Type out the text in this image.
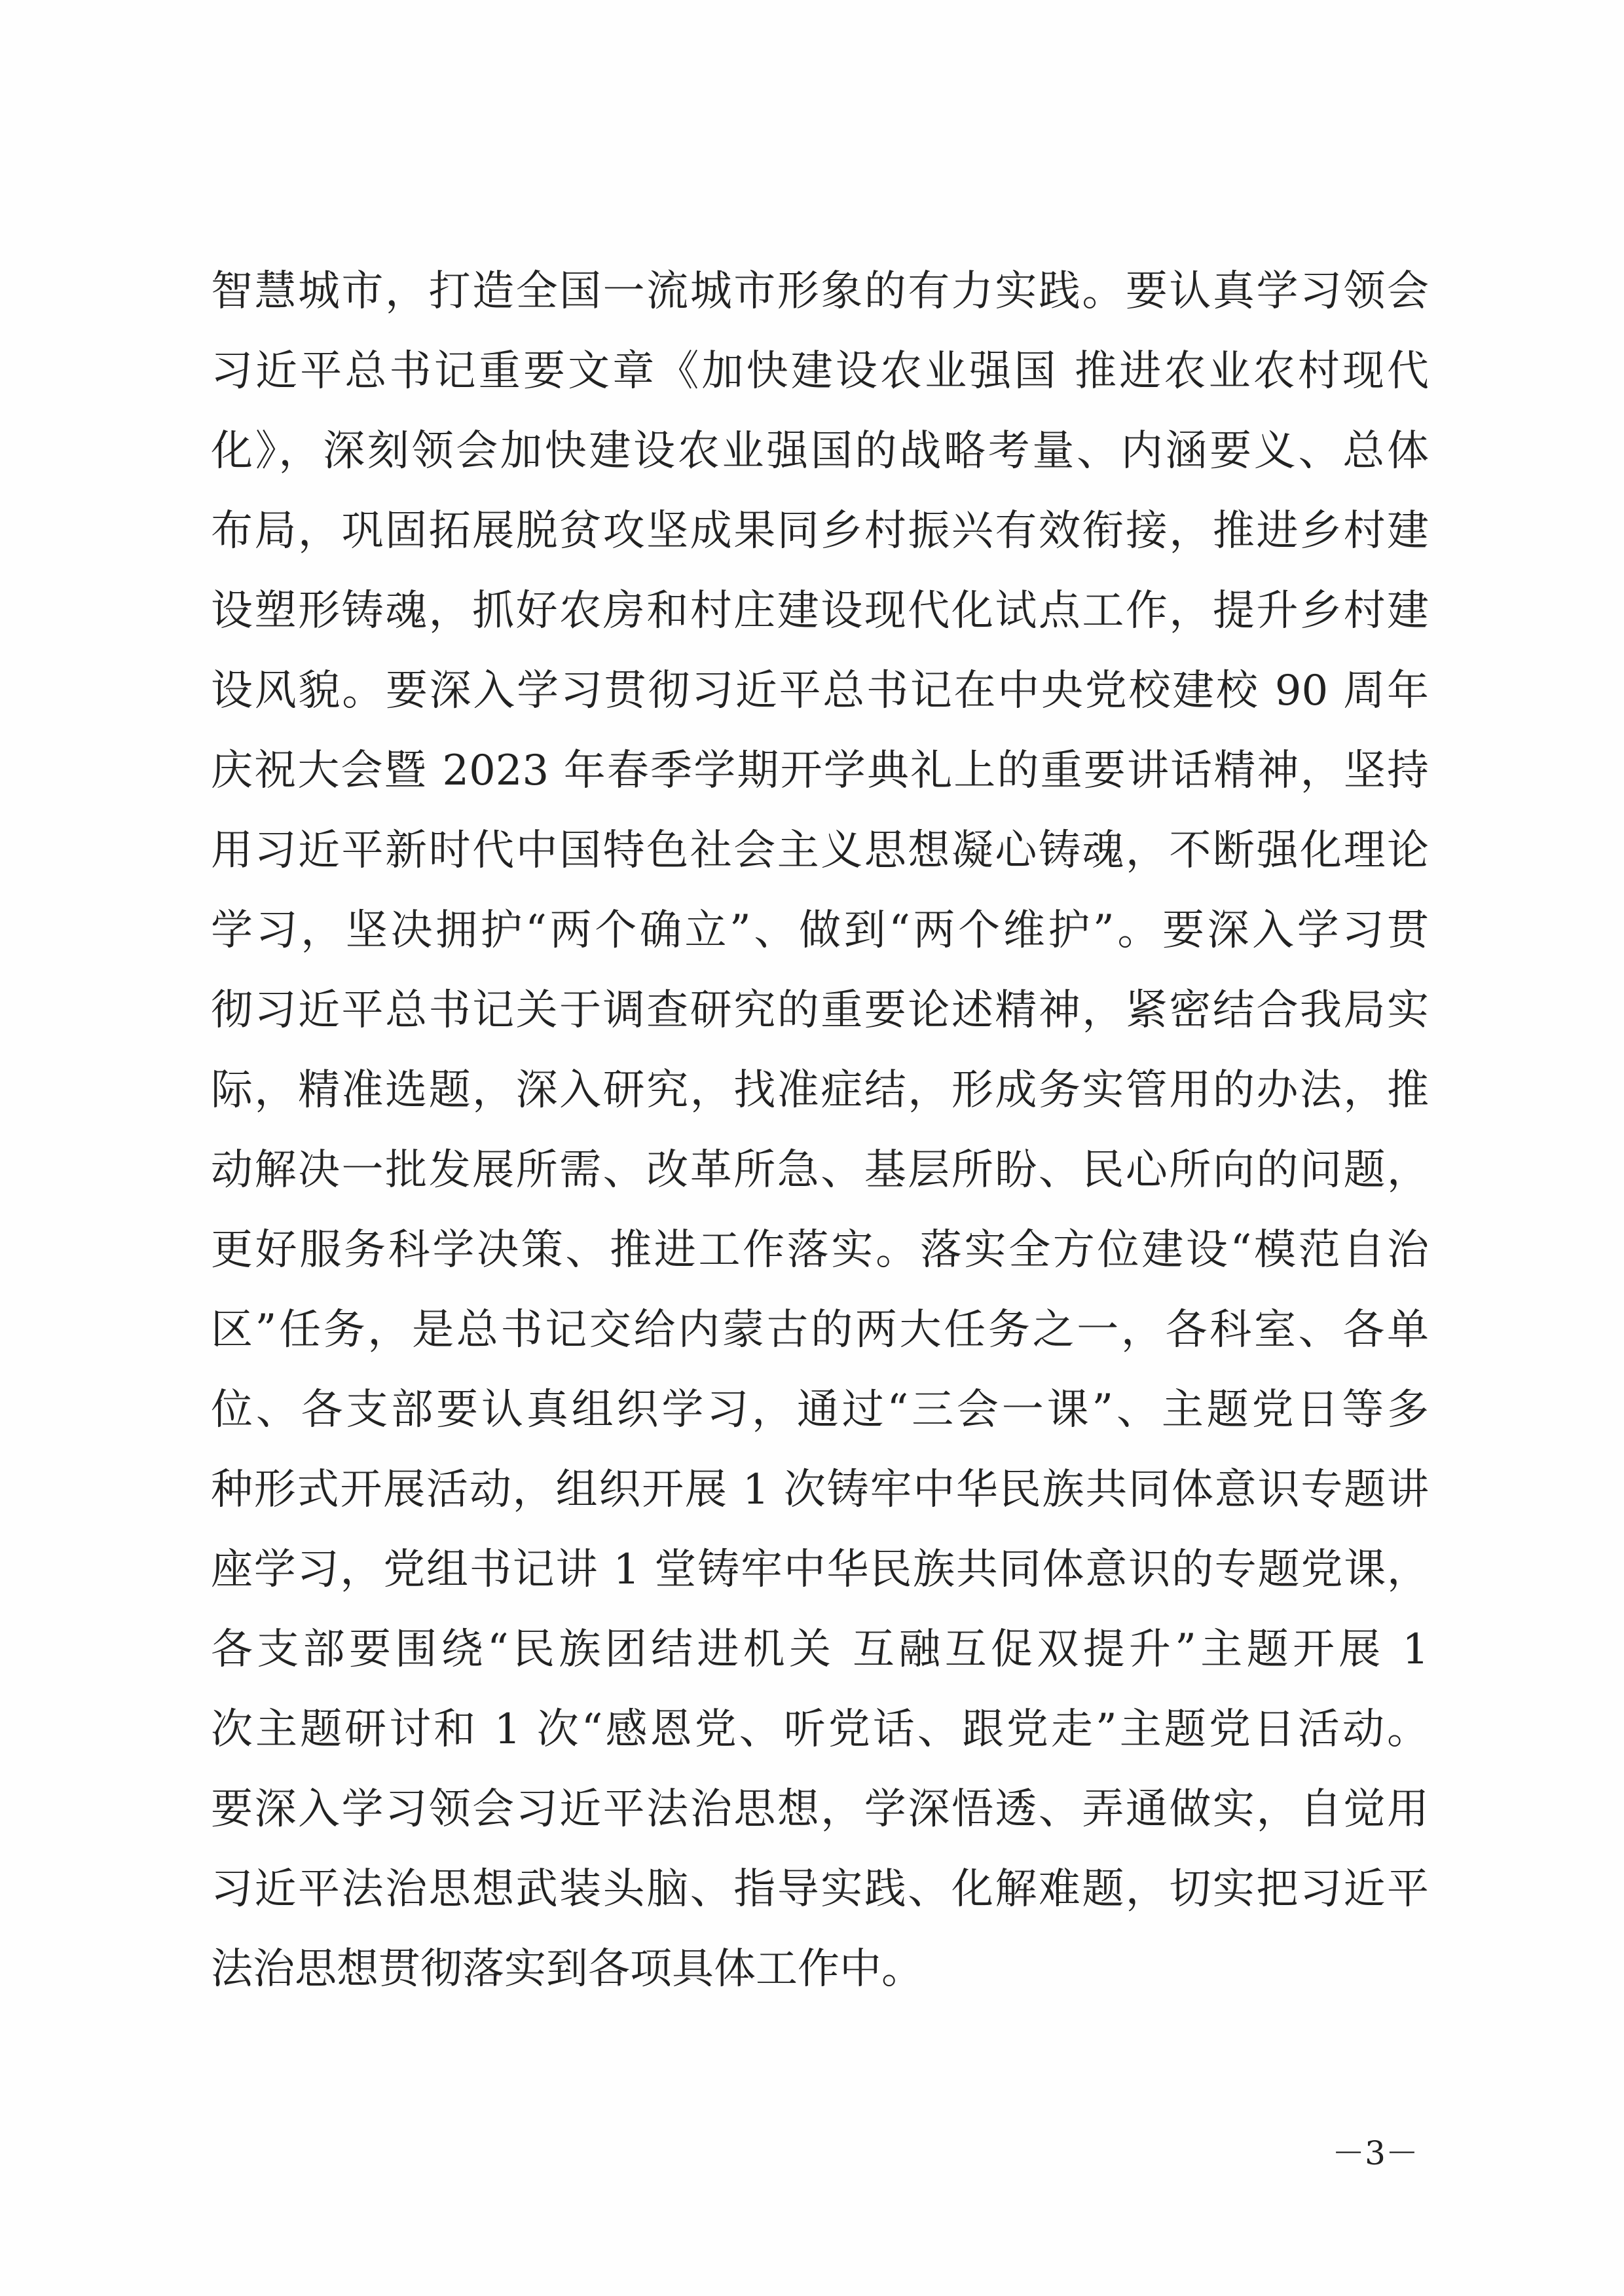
智慧城市，打造全国一流城市形象的有力实践。要认真学习领会
习近平总书记重要文章《加快建设农业强国 推进农业农村现代
化》，深刻领会加快建设农业强国的战略考量、内涵要义、总体
布局，巩固拓展脱贫攻坚成果同乡村振兴有效衔接，推进乡村建
设塑形铸魂，抓好农房和村庄建设现代化试点工作，提升乡村建
设风貌。要深入学习贯彻习近平总书记在中央党校建校 90 周年
庆祝大会暨 2023 年春季学期开学典礼上的重要讲话精神，坚持
用习近平新时代中国特色社会主义思想凝心铸魂，不断强化理论
学习，坚决拥护“两个确立”、做到“两个维护”。要深入学习贯
彻习近平总书记关于调查研究的重要论述精神，紧密结合我局实
际，精准选题，深入研究，找准症结，形成务实管用的办法，推
动解决一批发展所需、改革所急、基层所盼、民心所向的问题，
更好服务科学决策、推进工作落实。落实全方位建设“模范自治
区”任务，是总书记交给内蒙古的两大任务之一，各科室、各单
位、各支部要认真组织学习，通过“三会一课”、主题党日等多
种形式开展活动，组织开展 1 次铸牢中华民族共同体意识专题讲
座学习，党组书记讲 1 堂铸牢中华民族共同体意识的专题党课，
各支部要围绕“民族团结进机关 互融互促双提升”主题开展 1
次主题研讨和 1 次“感恩党、听党话、跟党走”主题党日活动。
要深入学习领会习近平法治思想，学深悟透、弄通做实，自觉用
习近平法治思想武装头脑、指导实践、化解难题，切实把习近平
法治思想贯彻落实到各项具体工作中。
－3－
